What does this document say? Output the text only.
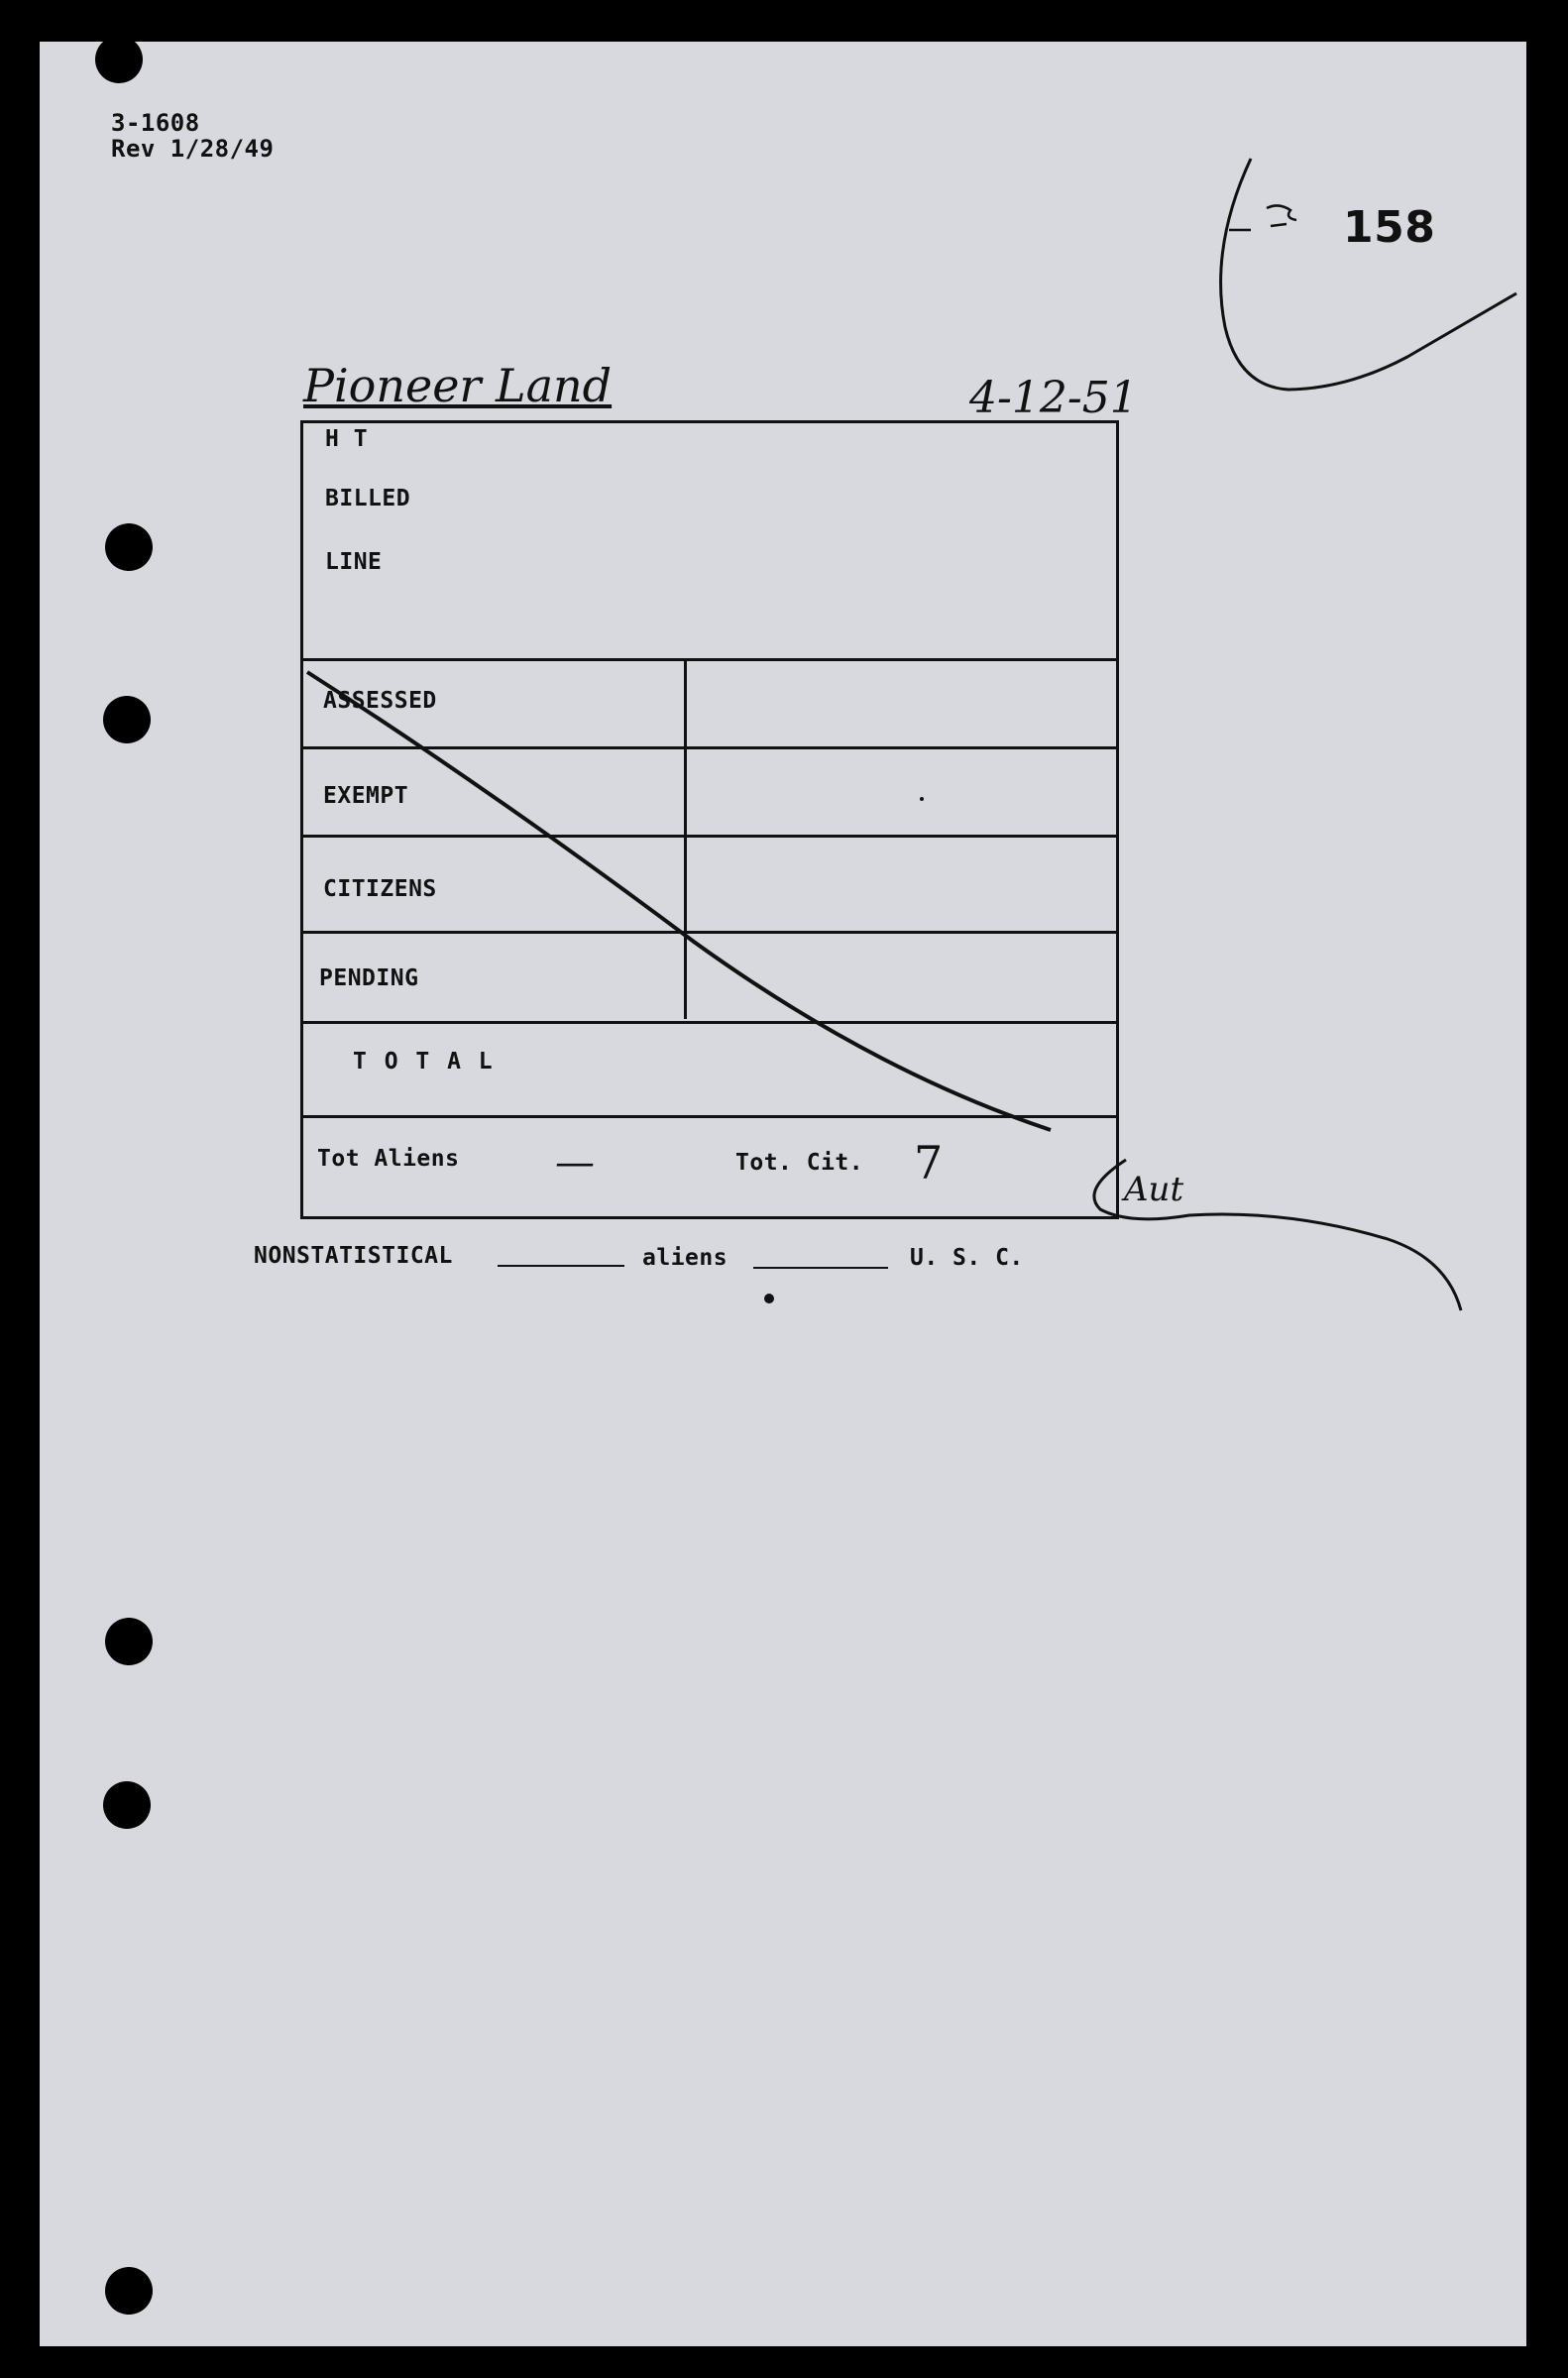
3-1608
Rev 1/28/49
158
Pioneer Land	4-12-51
H T
BILLED
LINE
ASSESSED
EXEMPT
CITIZENS
PENDING
T O T A L
Tot Aliens —	Tot. Cit. 7	Aut
NONSTATISTICAL	aliens	U. S. C.
